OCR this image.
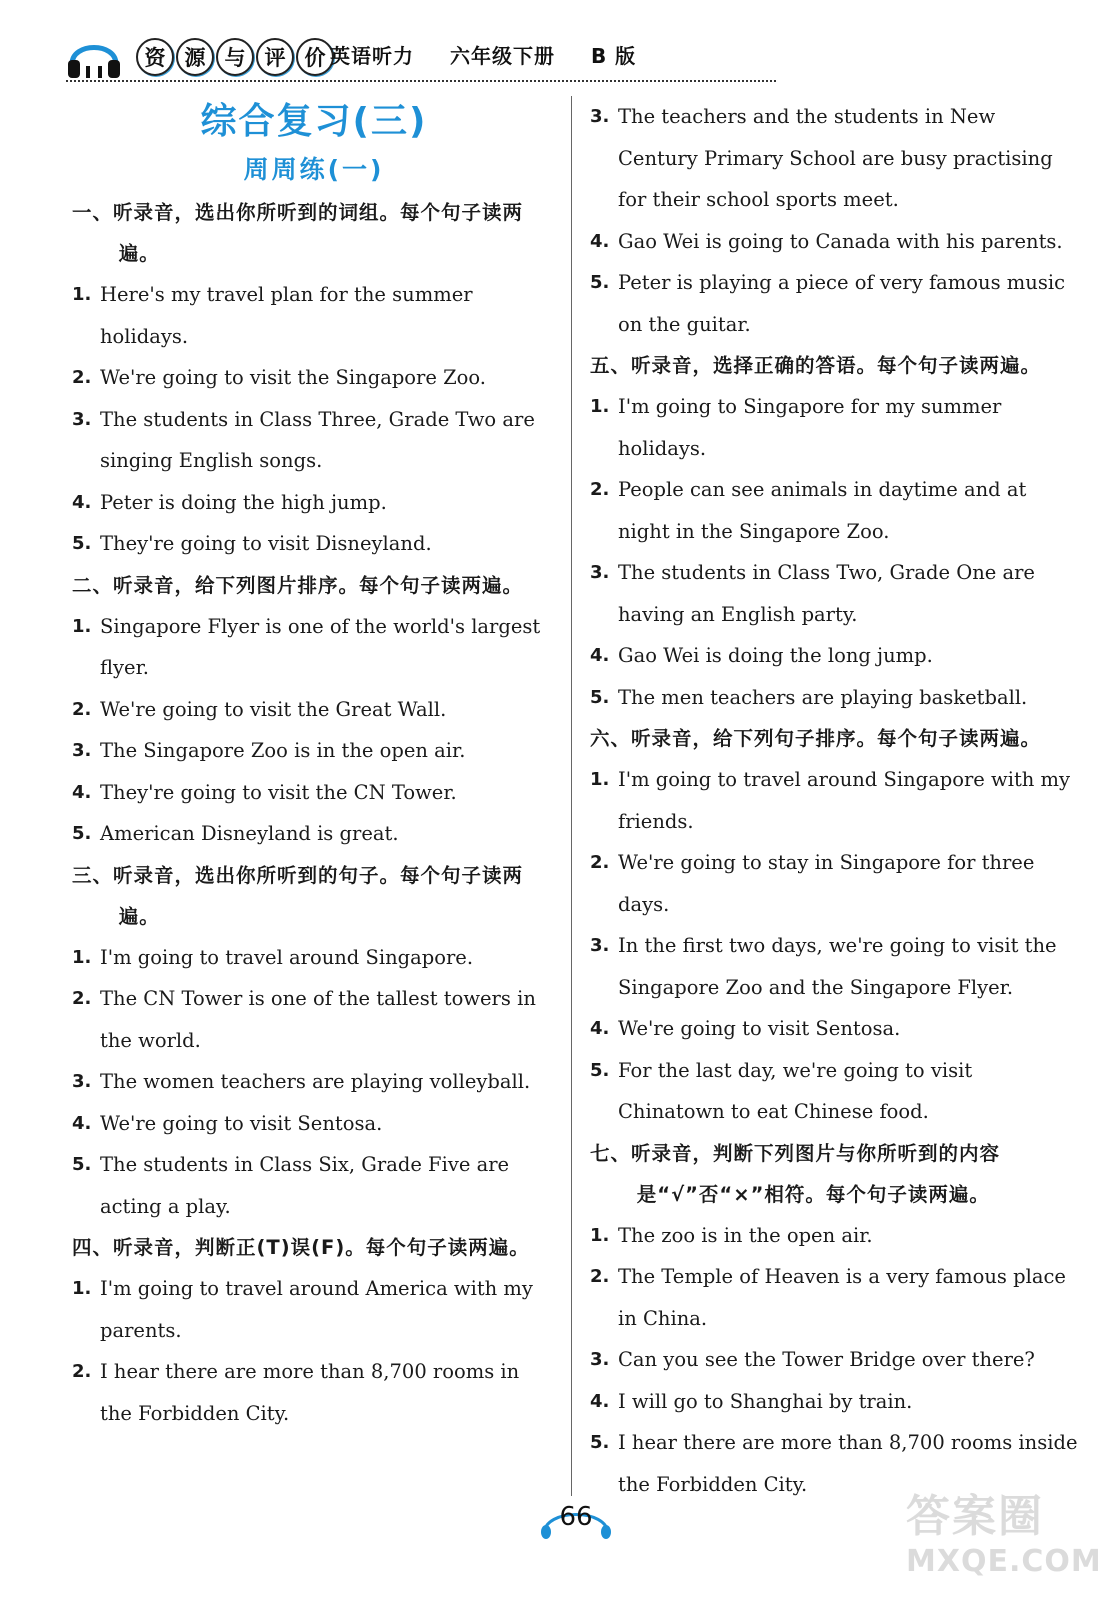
资 源 与 评 价 英语听力 六年级下册 B 版
综合复习(三)
周周练(一)

一、听录音，选出你所听到的词组。每个句子读两遍。

1. Here's my travel plan for the summer holidays.

2. We're going to visit the Singapore Zoo.

3. The students in Class Three, Grade Two are singing English songs.

4. Peter is doing the high jump.

5. They're going to visit Disneyland.

二、听录音，给下列图片排序。每个句子读两遍。

1. Singapore Flyer is one of the world's largest flyer.

2. We're going to visit the Great Wall.

3. The Singapore Zoo is in the open air.

4. They're going to visit the CN Tower.

5. American Disneyland is great.

三、听录音，选出你所听到的句子。每个句子读两遍。

1. I'm going to travel around Singapore.

2. The CN Tower is one of the tallest towers in the world.

3. The women teachers are playing volleyball.

4. We're going to visit Sentosa.

5. The students in Class Six, Grade Five are acting a play.

四、听录音，判断正(T)误(F)。每个句子读两遍。

1. I'm going to travel around America with my parents.

2. I hear there are more than 8,700 rooms in the Forbidden City.

3. The teachers and the students in New Century Primary School are busy practising for their school sports meet.

4. Gao Wei is going to Canada with his parents.

5. Peter is playing a piece of very famous music on the guitar.

五、听录音，选择正确的答语。每个句子读两遍。

1. I'm going to Singapore for my summer holidays.

2. People can see animals in daytime and at night in the Singapore Zoo.

3. The students in Class Two, Grade One are having an English party.

4. Gao Wei is doing the long jump.

5. The men teachers are playing basketball.

六、听录音，给下列句子排序。每个句子读两遍。

1. I'm going to travel around Singapore with my friends.

2. We're going to stay in Singapore for three days.

3. In the first two days, we're going to visit the Singapore Zoo and the Singapore Flyer.

4. We're going to visit Sentosa.

5. For the last day, we're going to visit Chinatown to eat Chinese food.

七、听录音，判断下列图片与你所听到的内容是“√”否“×”相符。每个句子读两遍。

1. The zoo is in the open air.

2. The Temple of Heaven is a very famous place in China.

3. Can you see the Tower Bridge over there?

4. I will go to Shanghai by train.

5. I hear there are more than 8,700 rooms inside the Forbidden City.

66	答案圈
MXQE.COM
